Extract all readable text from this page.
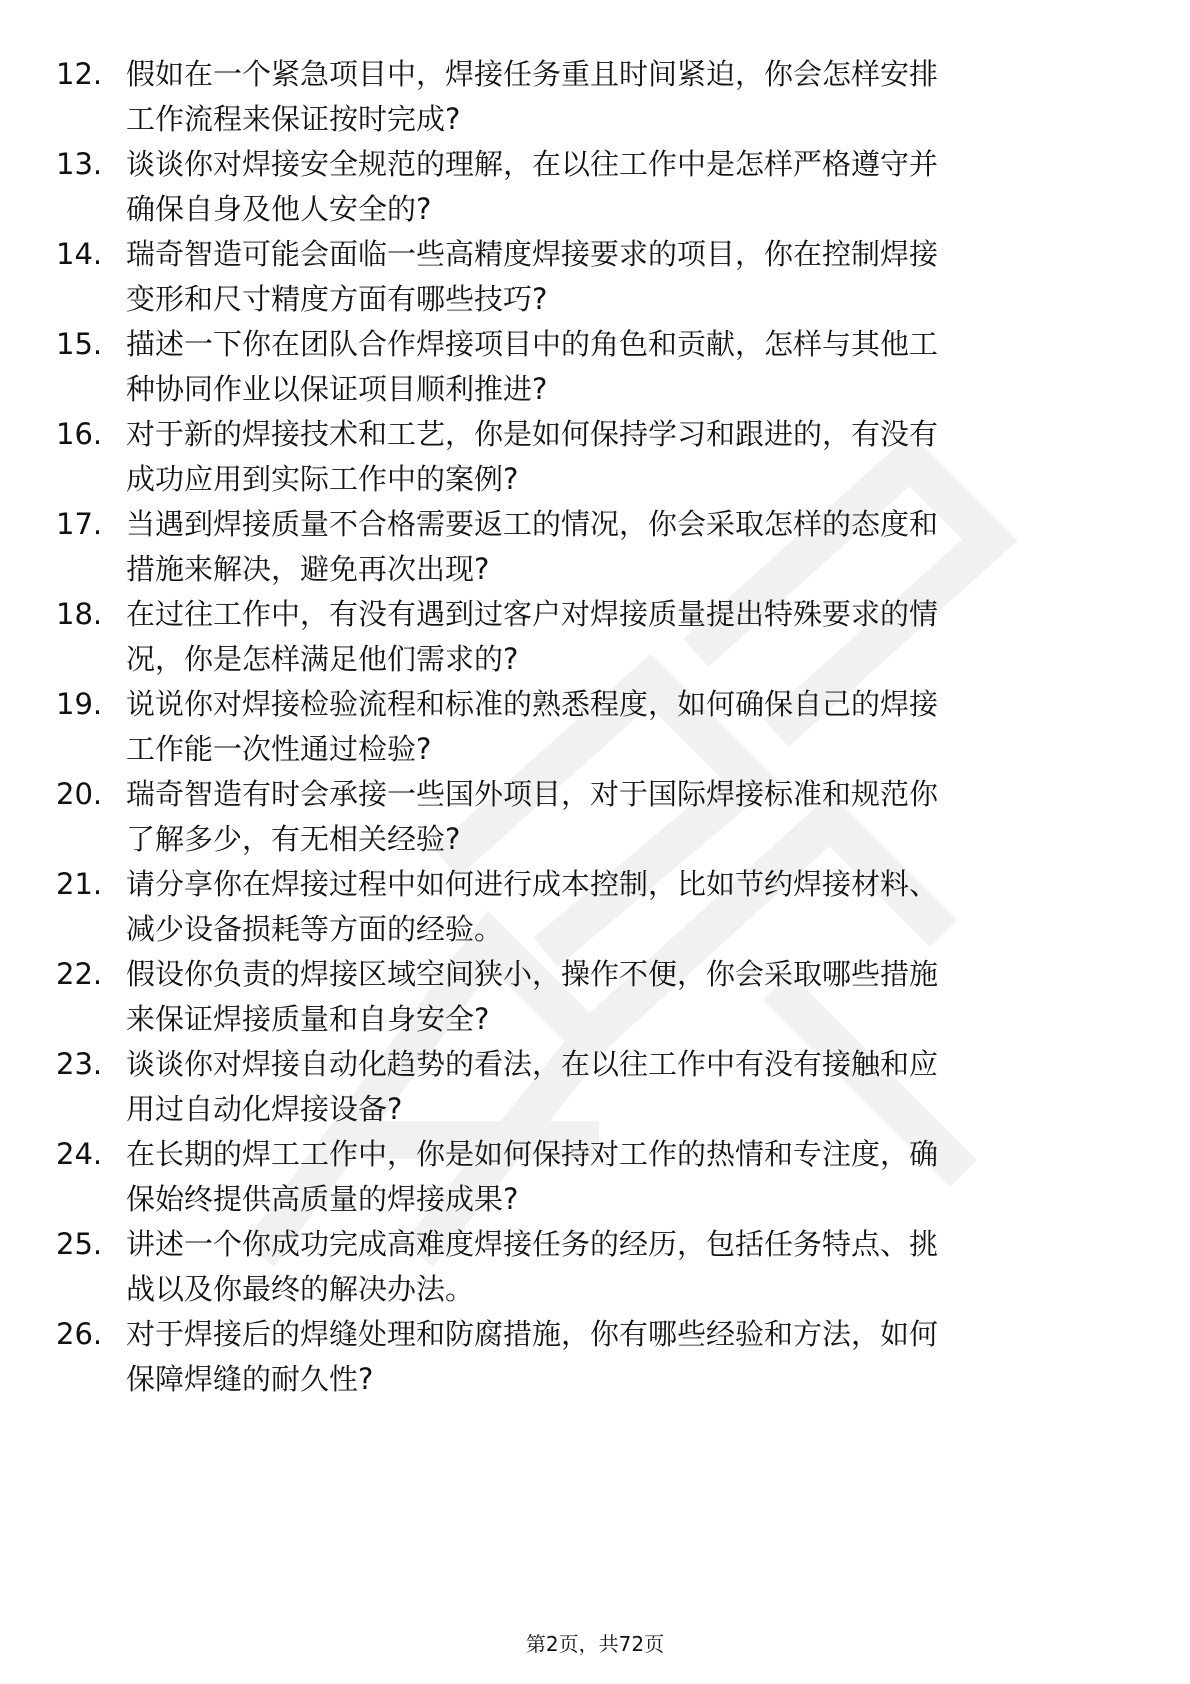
12. 假如在一个紧急项目中，焊接任务重且时间紧迫，你会怎样安排
工作流程来保证按时完成?
13. 谈谈你对焊接安全规范的理解，在以往工作中是怎样严格遵守并
确保自身及他人安全的?
14. 瑞奇智造可能会面临一些高精度焊接要求的项目，你在控制焊接
变形和尺寸精度方面有哪些技巧?
15. 描述一下你在团队合作焊接项目中的角色和贡献，怎样与其他工
种协同作业以保证项目顺利推进?
16. 对于新的焊接技术和工艺，你是如何保持学习和跟进的，有没有
成功应用到实际工作中的案例?
17. 当遇到焊接质量不合格需要返工的情况，你会采取怎样的态度和
措施来解决，避免再次出现?
18. 在过往工作中，有没有遇到过客户对焊接质量提出特殊要求的情
况，你是怎样满足他们需求的?
19. 说说你对焊接检验流程和标准的熟悉程度，如何确保自己的焊接
工作能一次性通过检验?
20. 瑞奇智造有时会承接一些国外项目，对于国际焊接标准和规范你
了解多少，有无相关经验?
21. 请分享你在焊接过程中如何进行成本控制，比如节约焊接材料、
减少设备损耗等方面的经验。
22. 假设你负责的焊接区域空间狭小，操作不便，你会采取哪些措施
来保证焊接质量和自身安全?
23. 谈谈你对焊接自动化趋势的看法，在以往工作中有没有接触和应
用过自动化焊接设备?
24. 在长期的焊工工作中，你是如何保持对工作的热情和专注度，确
保始终提供高质量的焊接成果?
25. 讲述一个你成功完成高难度焊接任务的经历，包括任务特点、挑
战以及你最终的解决办法。
26. 对于焊接后的焊缝处理和防腐措施，你有哪些经验和方法，如何
保障焊缝的耐久性?
第2页，共72页
